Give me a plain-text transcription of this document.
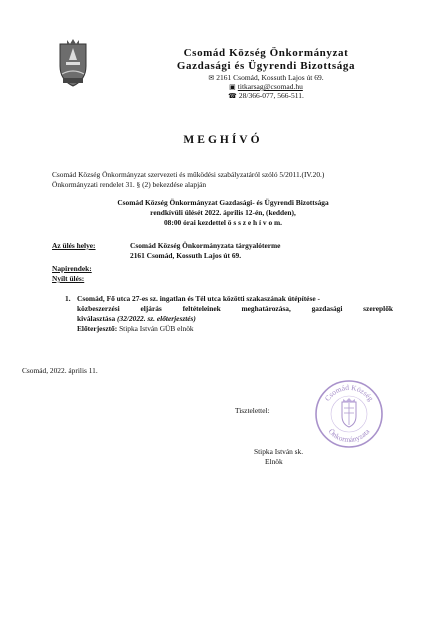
Csomád Község Önkormányzat
Gazdasági és Ügyrendi Bizottsága
✉ 2161 Csomád, Kossuth Lajos út 69.
▣ titkarsag@csomad.hu
☎ 28/366-077, 566-511.
MEGHÍVÓ
Csomád Község Önkormányzat szervezeti és működési szabályzatáról szóló 5/2011.(IV.20.)
Önkormányzati rendelet 31. § (2) bekezdése alapján
Csomád Község Önkormányzat Gazdasági- és Ügyrendi Bizottsága
rendkívüli ülését 2022. április 12-én, (kedden),
08:00 órai kezdettel ö s s z e h í v o m.
Az ülés helye:	Csomád Község Önkormányzata tárgyalóterme
2161 Csomád, Kossuth Lajos út 69.
Napirendek:
Nyílt ülés:
1. Csomád, Fő utca 27-es sz. ingatlan és Tél utca közötti szakaszának útépítése -
közbeszerzési eljárás feltételeinek meghatározása, gazdasági szereplők
kiválasztása (32/2022. sz. előterjesztés)
Előterjesztő: Stipka István GÜB elnök
Csomád, 2022. április 11.
Tisztelettel:
Stipka István sk.
Elnök
Csomád Község
Önkormányzata
